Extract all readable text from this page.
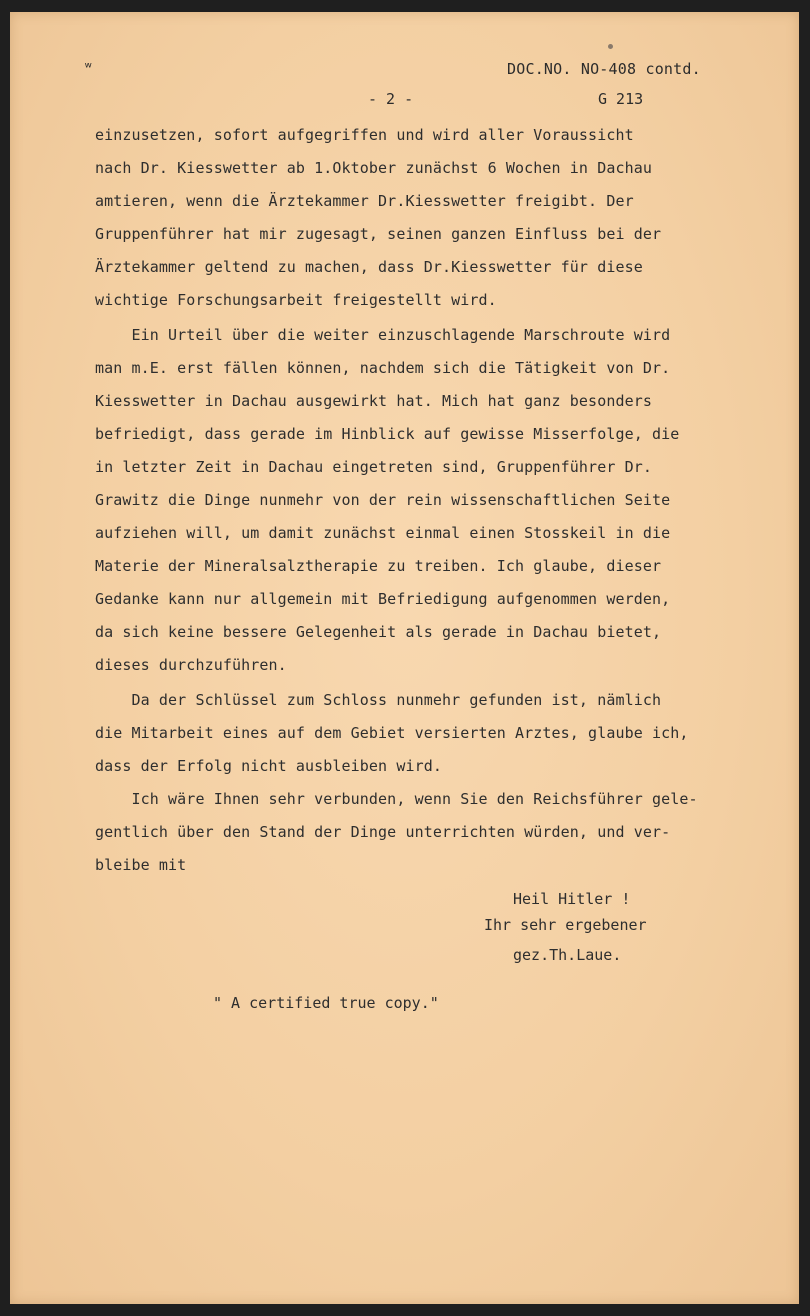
ʷ	DOC.NO. NO-408 contd.
- 2 -	G 213
einzusetzen, sofort aufgegriffen und wird aller Voraussicht
nach Dr. Kiesswetter ab 1.Oktober zunächst 6 Wochen in Dachau
amtieren, wenn die Ärztekammer Dr.Kiesswetter freigibt. Der
Gruppenführer hat mir zugesagt, seinen ganzen Einfluss bei der
Ärztekammer geltend zu machen, dass Dr.Kiesswetter für diese
wichtige Forschungsarbeit freigestellt wird.
Ein Urteil über die weiter einzuschlagende Marschroute wird
man m.E. erst fällen können, nachdem sich die Tätigkeit von Dr.
Kiesswetter in Dachau ausgewirkt hat. Mich hat ganz besonders
befriedigt, dass gerade im Hinblick auf gewisse Misserfolge, die
in letzter Zeit in Dachau eingetreten sind, Gruppenführer Dr.
Grawitz die Dinge nunmehr von der rein wissenschaftlichen Seite
aufziehen will, um damit zunächst einmal einen Stosskeil in die
Materie der Mineralsalztherapie zu treiben. Ich glaube, dieser
Gedanke kann nur allgemein mit Befriedigung aufgenommen werden,
da sich keine bessere Gelegenheit als gerade in Dachau bietet,
dieses durchzuführen.
Da der Schlüssel zum Schloss nunmehr gefunden ist, nämlich
die Mitarbeit eines auf dem Gebiet versierten Arztes, glaube ich,
dass der Erfolg nicht ausbleiben wird.
Ich wäre Ihnen sehr verbunden, wenn Sie den Reichsführer gele-
gentlich über den Stand der Dinge unterrichten würden, und ver-
bleibe mit
Heil Hitler !
Ihr sehr ergebener
gez.Th.Laue.
" A certified true copy."
